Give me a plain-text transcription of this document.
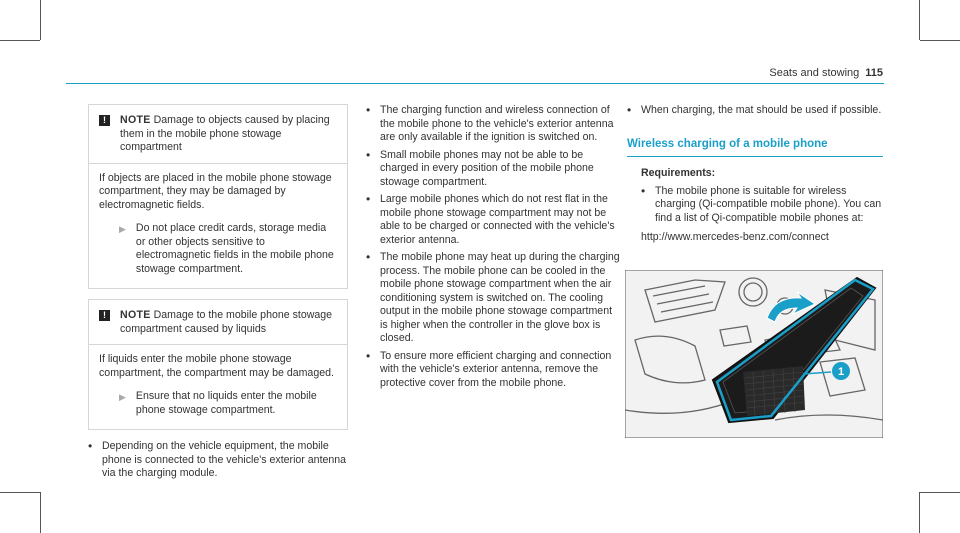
Seats and stowing 115
!	NOTE Damage to objects caused by placing them in the mobile phone stowage compartment

If objects are placed in the mobile phone stowage compartment, they may be damaged by electromagnetic fields.

▶ Do not place credit cards, storage media or other objects sensitive to electromagnetic fields in the mobile phone stowage compartment.
!	NOTE Damage to the mobile phone stowage compartment caused by liquids

If liquids enter the mobile phone stowage compartment, the compartment may be damaged.

▶ Ensure that no liquids enter the mobile phone stowage compartment.
• Depending on the vehicle equipment, the mobile phone is connected to the vehicle's exterior antenna via the charging module.
• The charging function and wireless connection of the mobile phone to the vehicle's exterior antenna are only available if the ignition is switched on.
• Small mobile phones may not be able to be charged in every position of the mobile phone stowage compartment.
• Large mobile phones which do not rest flat in the mobile phone stowage compartment may not be able to be charged or connected with the vehicle's exterior antenna.
• The mobile phone may heat up during the charging process. The mobile phone can be cooled in the mobile phone stowage compartment when the air conditioning system is switched on. The cooling output in the mobile phone stowage compartment is higher when the controller in the glove box is closed.
• To ensure more efficient charging and connection with the vehicle's exterior antenna, remove the protective cover from the mobile phone.
• When charging, the mat should be used if possible.

Wireless charging of a mobile phone

Requirements:

• The mobile phone is suitable for wireless charging (Qi-compatible mobile phone). You can find a list of Qi-compatible mobile phones at:
http://www.mercedes-benz.com/connect
1
